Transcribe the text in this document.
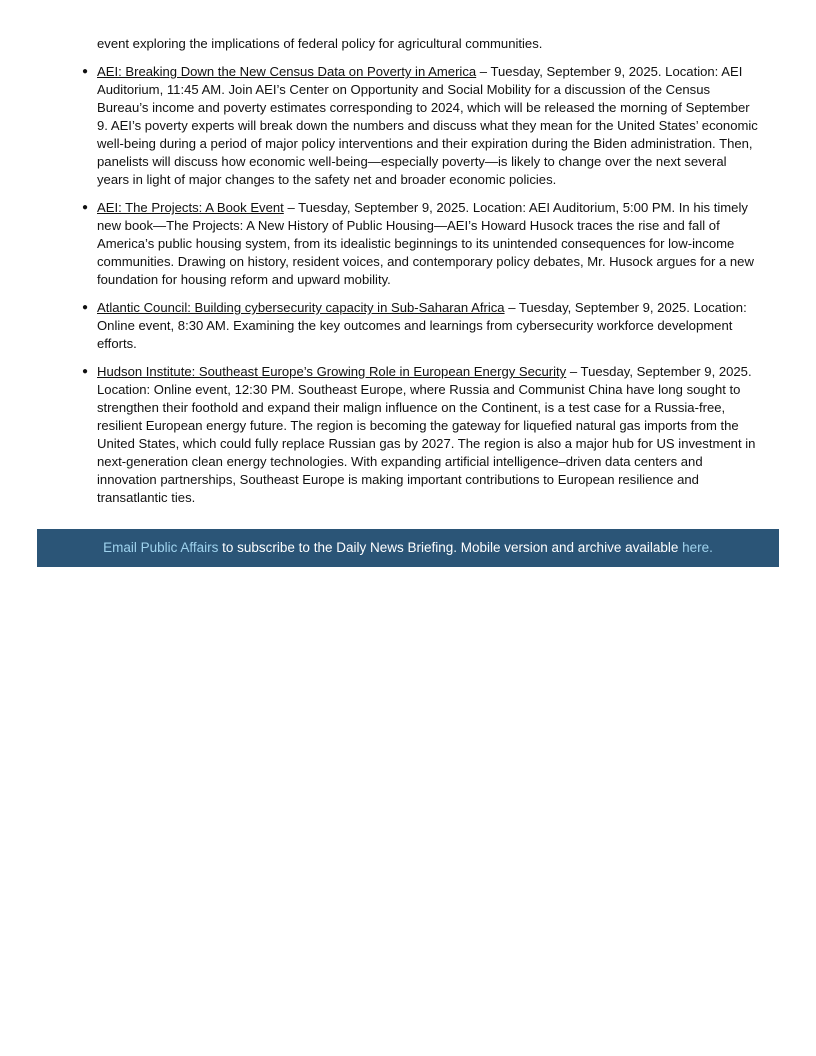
event exploring the implications of federal policy for agricultural communities.

● AEI: Breaking Down the New Census Data on Poverty in America – Tuesday, September 9, 2025. Location: AEI Auditorium, 11:45 AM. Join AEI’s Center on Opportunity and Social Mobility for a discussion of the Census Bureau’s income and poverty estimates corresponding to 2024, which will be released the morning of September 9. AEI’s poverty experts will break down the numbers and discuss what they mean for the United States’ economic well-being during a period of major policy interventions and their expiration during the Biden administration. Then, panelists will discuss how economic well-being—especially poverty—is likely to change over the next several years in light of major changes to the safety net and broader economic policies.
● AEI: The Projects: A Book Event – Tuesday, September 9, 2025. Location: AEI Auditorium, 5:00 PM. In his timely new book—The Projects: A New History of Public Housing—AEI’s Howard Husock traces the rise and fall of America’s public housing system, from its idealistic beginnings to its unintended consequences for low-income communities. Drawing on history, resident voices, and contemporary policy debates, Mr. Husock argues for a new foundation for housing reform and upward mobility.
● Atlantic Council: Building cybersecurity capacity in Sub-Saharan Africa – Tuesday, September 9, 2025. Location: Online event, 8:30 AM. Examining the key outcomes and learnings from cybersecurity workforce development efforts.
● Hudson Institute: Southeast Europe’s Growing Role in European Energy Security – Tuesday, September 9, 2025. Location: Online event, 12:30 PM. Southeast Europe, where Russia and Communist China have long sought to strengthen their foothold and expand their malign influence on the Continent, is a test case for a Russia-free, resilient European energy future. The region is becoming the gateway for liquefied natural gas imports from the United States, which could fully replace Russian gas by 2027. The region is also a major hub for US investment in next-generation clean energy technologies. With expanding artificial intelligence–driven data centers and innovation partnerships, Southeast Europe is making important contributions to European resilience and transatlantic ties.
Email Public Affairs to subscribe to the Daily News Briefing. Mobile version and archive available here.
